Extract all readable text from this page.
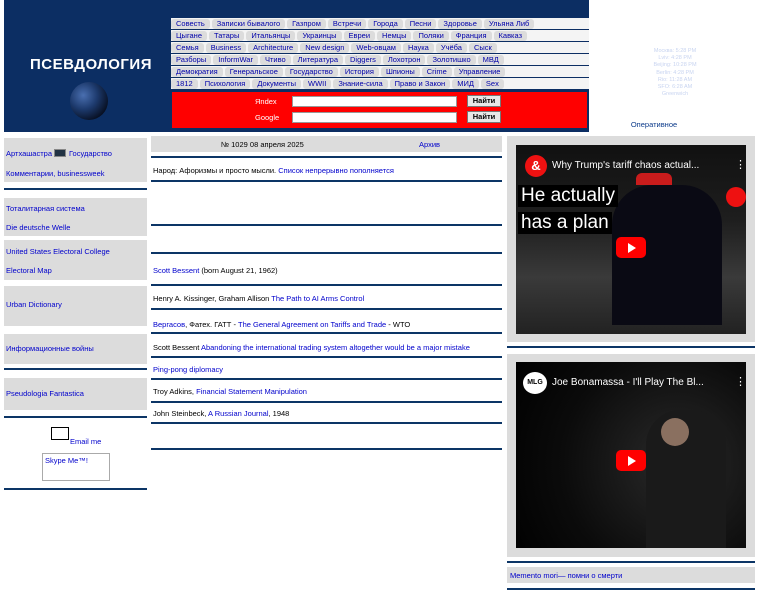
ПСЕВДОЛОГИЯ
Совесть	Записки бывалого	Газпром	Встречи	Города	Песни	Здоровье	Ульяна Либ
Цыгане	Татары	Итальянцы	Украинцы	Евреи	Немцы	Поляки	Франция	Кавказ
Семья	Business	Architecture	New design	Web-овцам	Наука	Учёба	Сыск
Разборы	InformWar	Чтиво	Литература	Diggers	Лохотрон	Золотишко	МВД
Демократия	Генеральское	Государство	История	Шпионы	Crime	Управление
1812	Психология	Документы	WWII	Знание-сила	Право и Закон	МИД	Sex
Яndex	Найти
Google	Найти
Москва: 5:28 PM
Lviv: 4:28 PM
Beijing: 10:28 PM
Berlin: 4:28 PM
Rio: 11:28 AM
SFO: 6:28 AM
Greenwich
Оперативное
Артхашастра Государство
Комментарии, businessweek
Тоталитарная система
Die deutsche Welle
United States Electoral College
Electoral Map
Urban Dictionary
Информационные войны
Pseudologia Fantastica
Email me
Skype Me™!
№ 1029 08 апреля 2025	Архив
Народ: Афоризмы и просто мысли. Список непрерывно пополняется
Scott Bessent (born August 21, 1962)
Henry A. Kissinger, Graham Allison The Path to AI Arms Control
Вергасов, Фатех. ГАТТ - The General Agreement on Tariffs and Trade - WTO
Scott Bessent Abandoning the international trading system altogether would be a major mistake
Ping-pong diplomacy
Troy Adkins, Financial Statement Manipulation
John Steinbeck, A Russian Journal, 1948
&	Why Trump's tariff chaos actual...
He actually
has a plan
⋮
MLG Joe Bonamassa - I'll Play The Bl...	⋮
Memento mori — помни о смерти
